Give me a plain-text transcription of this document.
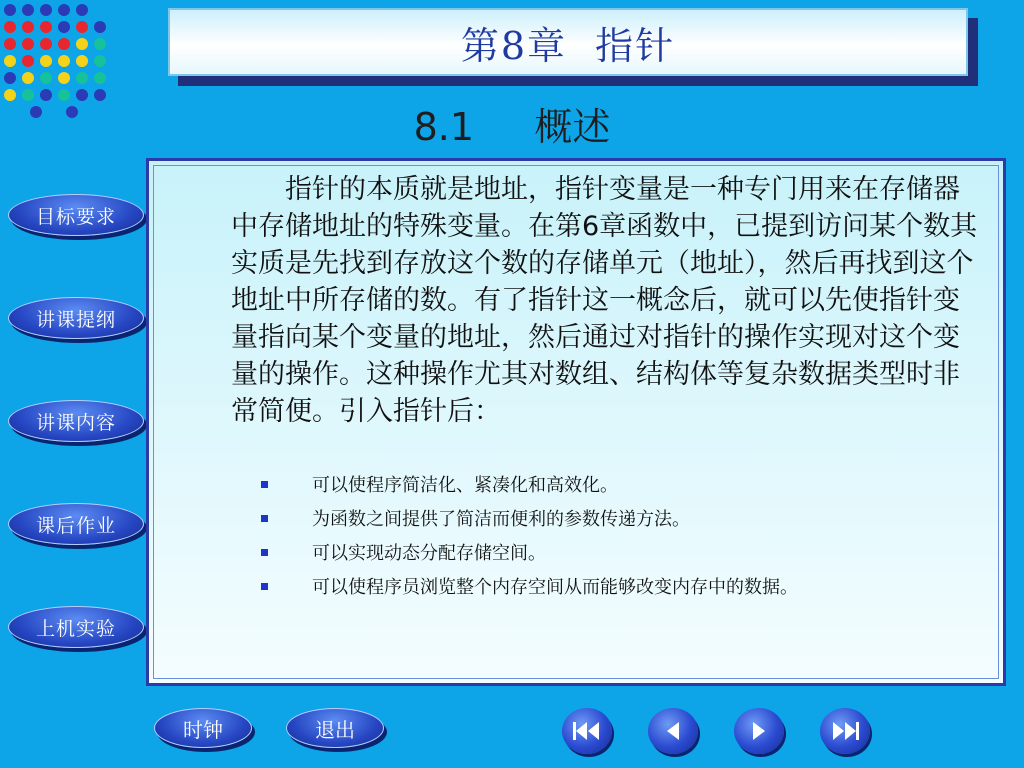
第8章  指针
8.1     概述
目标要求
讲课提纲
讲课内容
课后作业
上机实验

指针的本质就是地址，指针变量是一种专门用来在存储器中存储地址的特殊变量。在第6章函数中，已提到访问某个数其实质是先找到存放这个数的存储单元（地址），然后再找到这个地址中所存储的数。有了指针这一概念后，就可以先使指针变量指向某个变量的地址，然后通过对指针的操作实现对这个变量的操作。这种操作尤其对数组、结构体等复杂数据类型时非常简便。引入指针后：

可以使程序简洁化、紧凑化和高效化。
为函数之间提供了简洁而便利的参数传递方法。
可以实现动态分配存储空间。
可以使程序员浏览整个内存空间从而能够改变内存中的数据。
时钟	退出
